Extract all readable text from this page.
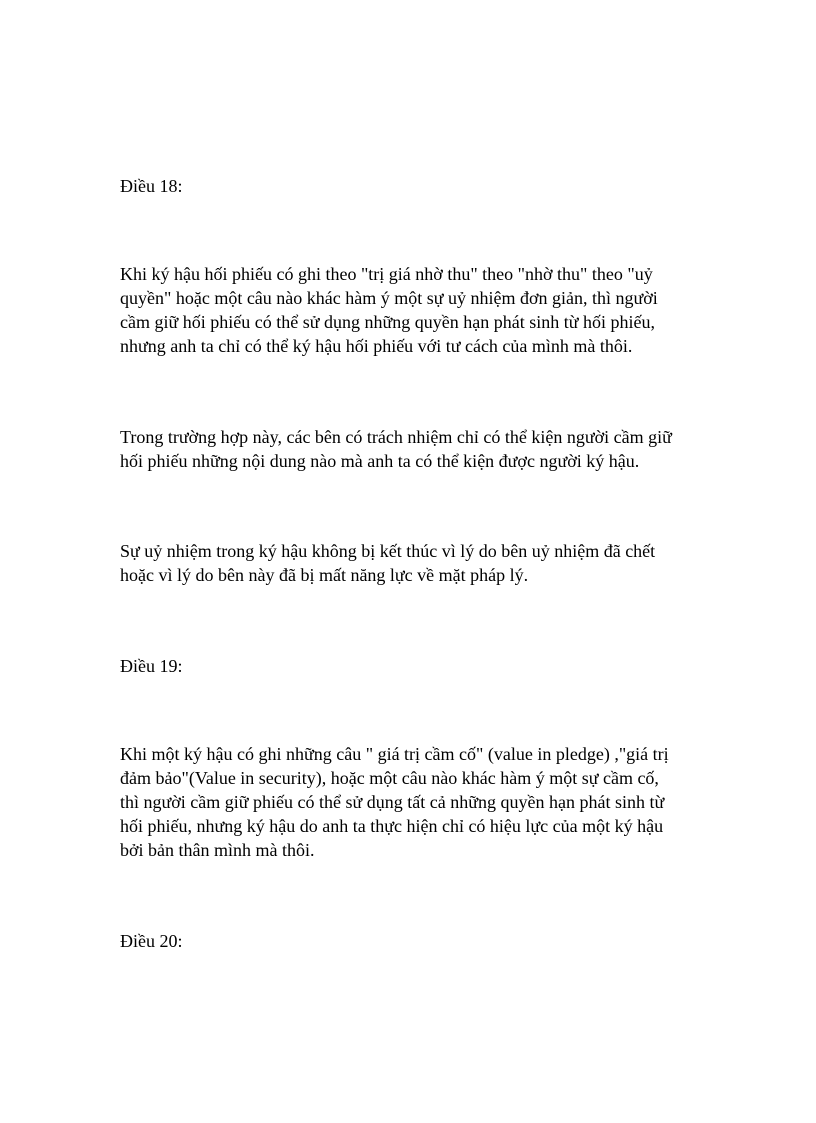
Điều 18:
Khi ký hậu hối phiếu có ghi theo "trị giá nhờ thu" theo "nhờ thu" theo "uỷ
quyền" hoặc một câu nào khác hàm ý một sự uỷ nhiệm đơn giản, thì người
cầm giữ hối phiếu có thể sử dụng những quyền hạn phát sinh từ hối phiếu,
nhưng anh ta chỉ có thể ký hậu hối phiếu với tư cách của mình mà thôi.
Trong trường hợp này, các bên có trách nhiệm chỉ có thể kiện người cầm giữ
hối phiếu những nội dung nào mà anh ta có thể kiện được người ký hậu.
Sự uỷ nhiệm trong ký hậu không bị kết thúc vì lý do bên uỷ nhiệm đã chết
hoặc vì lý do bên này đã bị mất năng lực về mặt pháp lý.
Điều 19:
Khi một ký hậu có ghi những câu " giá trị cầm cố" (value in pledge) ,"giá trị
đảm bảo"(Value in security), hoặc một câu nào khác hàm ý một sự cầm cố,
thì người cầm giữ phiếu có thể sử dụng tất cả những quyền hạn phát sinh từ
hối phiếu, nhưng ký hậu do anh ta thực hiện chỉ có hiệu lực của một ký hậu
bởi bản thân mình mà thôi.
Điều 20:
